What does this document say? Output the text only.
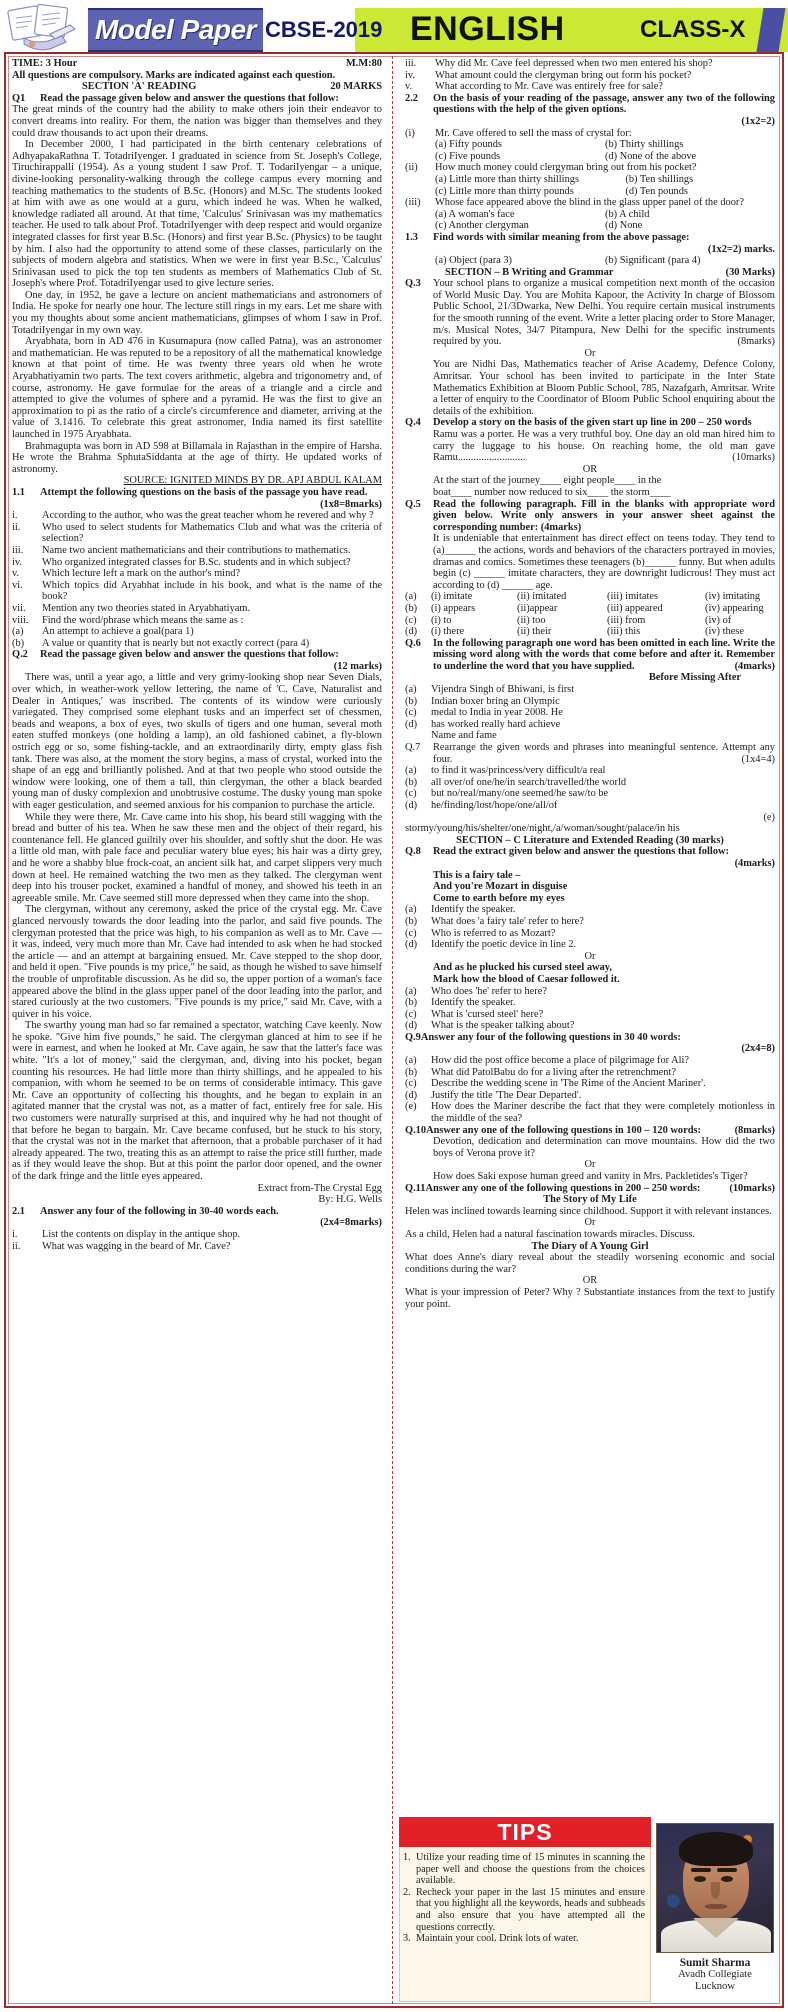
Model Paper CBSE-2019 ENGLISH	CLASS-X
TIME: 3 Hour	M.M:80
All questions are compulsory. Marks are indicated against each question.
SECTION 'A' READING	20 MARKS
Q1	Read the passage given below and answer the questions that follow:

The great minds of the country had the ability to make others join their endeavor to convert dreams into reality. For them, the nation was bigger than themselves and they could draw thousands to act upon their dreams.

In December 2000, I had participated in the birth centenary celebrations of AdhyapakaRathna T. TotadriIyenger. I graduated in science from St. Joseph's College, Tiruchirappalli (1954). As a young student I saw Prof. T. TodariIyengar – a unique, divine-looking personality-walking through the college campus every morning and teaching mathematics to the students of B.Sc. (Honors) and M.Sc. The students looked at him with awe as one would at a guru, which indeed he was. When he walked, knowledge radiated all around. At that time, 'Calculus' Srinivasan was my mathematics teacher. He used to talk about Prof. TotadriIyenger with deep respect and would organize integrated classes for first year B.Sc. (Honors) and first year B.Sc. (Physics) to be taught by him. I also had the opportunity to attend some of these classes, particularly on the subjects of modern algebra and statistics. When we were in first year B.Sc., 'Calculus' Srinivasan used to pick the top ten students as members of Mathematics Club of St. Joseph's where Prof. TotadriIyengar used to give lecture series.

One day, in 1952, he gave a lecture on ancient mathematicians and astronomers of India. He spoke for nearly one hour. The lecture still rings in my ears. Let me share with you my thoughts about some ancient mathematicians, glimpses of whom I saw in Prof. TotadriIyengar in my own way.

Aryabhata, born in AD 476 in Kusumapura (now called Patna), was an astronomer and mathematician. He was reputed to be a repository of all the mathematical knowledge known at that point of time. He was twenty three years old when he wrote Aryabhatiyamin two parts. The text covers arithmetic, algebra and trigonometry and, of course, astronomy. He gave formulae for the areas of a triangle and a circle and attempted to give the volumes of sphere and a pyramid. He was the first to give an approximation to pi as the ratio of a circle's circumference and diameter, arriving at the value of 3.1416. To celebrate this great astronomer, India named its first satellite launched in 1975 Aryabhata.

Brahmagupta was born in AD 598 at Billamala in Rajasthan in the empire of Harsha. He wrote the Brahma SphutaSiddanta at the age of thirty. He updated works of astronomy.

SOURCE: IGNITED MINDS BY DR. APJ ABDUL KALAM

1.1	Attempt the following questions on the basis of the passage you have read.
(1x8=8marks)
i.	According to the author, who was the great teacher whom he revered and why ?
ii.	Who used to select students for Mathematics Club and what was the criteria of selection?
iii.	Name two ancient mathematicians and their contributions to mathematics.
iv.	Who organized integrated classes for B.Sc. students and in which subject?
v.	Which lecture left a mark on the author's mind?
vi.	Which topics did Aryabhat include in his book, and what is the name of the book?
vii.	Mention any two theories stated in Aryabhatiyam.
viii.	Find the word/phrase which means the same as :
(a)	An attempt to achieve a goal(para 1)
(b)	A value or quantity that is nearly but not exactly correct (para 4)
Q.2	Read the passage given below and answer the questions that follow:
(12 marks)

There was, until a year ago, a little and very grimy-looking shop near Seven Dials, over which, in weather-work yellow lettering, the name of 'C. Cave, Naturalist and Dealer in Antiques,' was inscribed. The contents of its window were curiously variegated. They comprised some elephant tusks and an imperfect set of chessmen, beads and weapons, a box of eyes, two skulls of tigers and one human, several moth eaten stuffed monkeys (one holding a lamp), an old fashioned cabinet, a fly-blown ostrich egg or so, some fishing-tackle, and an extraordinarily dirty, empty glass fish tank. There was also, at the moment the story begins, a mass of crystal, worked into the shape of an egg and brilliantly polished. And at that two people who stood outside the window were looking, one of them a tall, thin clergyman, the other a black bearded young man of dusky complexion and unobtrusive costume. The dusky young man spoke with eager gesticulation, and seemed anxious for his companion to purchase the article.

While they were there, Mr. Cave came into his shop, his beard still wagging with the bread and butter of his tea. When he saw these men and the object of their regard, his countenance fell. He glanced guiltily over his shoulder, and softly shut the door. He was a little old man, with pale face and peculiar watery blue eyes; his hair was a dirty grey, and he wore a shabby blue frock-coat, an ancient silk hat, and carpet slippers very much down at heel. He remained watching the two men as they talked. The clergyman went deep into his trouser pocket, examined a handful of money, and showed his teeth in an agreeable smile. Mr. Cave seemed still more depressed when they came into the shop.

The clergyman, without any ceremony, asked the price of the crystal egg. Mr. Cave glanced nervously towards the door leading into the parlor, and said five pounds. The clergyman protested that the price was high, to his companion as well as to Mr. Cave — it was, indeed, very much more than Mr. Cave had intended to ask when he had stocked the article — and an attempt at bargaining ensued. Mr. Cave stepped to the shop door, and held it open. "Five pounds is my price," he said, as though he wished to save himself the trouble of unprofitable discussion. As he did so, the upper portion of a woman's face appeared above the blind in the glass upper panel of the door leading into the parlor, and stared curiously at the two customers. "Five pounds is my price," said Mr. Cave, with a quiver in his voice.

The swarthy young man had so far remained a spectator, watching Cave keenly. Now he spoke. "Give him five pounds," he said. The clergyman glanced at him to see if he were in earnest, and when he looked at Mr. Cave again, he saw that the latter's face was white. "It's a lot of money," said the clergyman, and, diving into his pocket, began counting his resources. He had little more than thirty shillings, and he appealed to his companion, with whom he seemed to be on terms of considerable intimacy. This gave Mr. Cave an opportunity of collecting his thoughts, and he began to explain in an agitated manner that the crystal was not, as a matter of fact, entirely free for sale. His two customers were naturally surprised at this, and inquired why he had not thought of that before he began to bargain. Mr. Cave became confused, but he stuck to his story, that the crystal was not in the market that afternoon, that a probable purchaser of it had already appeared. The two, treating this as an attempt to raise the price still further, made as if they would leave the shop. But at this point the parlor door opened, and the owner of the dark fringe and the little eyes appeared.

Extract from-The Crystal Egg

By: H.G. Wells

2.1	Answer any four of the following in 30-40 words each.

(2x4=8marks)

i.	List the contents on display in the antique shop.
ii.	What was wagging in the beard of Mr. Cave?
iii.	Why did Mr. Cave feel depressed when two men entered his shop?
iv.	What amount could the clergyman bring out form his pocket?
v.	What according to Mr. Cave was entirely free for sale?
2.2	On the basis of your reading of the passage, answer any two of the following questions with the help of the given options.

(1x2=2)

(i)	Mr. Cave offered to sell the mass of crystal for:
(a) Fifty pounds	(b) Thirty shillings
(c) Five pounds	(d) None of the above
(ii)	How much money could clergyman bring out from his pocket?
(a) Little more than thirty shillings	(b) Ten shillings
(c) Little more than thirty pounds	(d) Ten pounds
(iii)	Whose face appeared above the blind in the glass upper panel of the door?
(a) A woman's face	(b) A child
(c) Another clergyman	(d) None
1.3	Find words with similar meaning from the above passage:

(1x2=2) marks.

(a) Object (para 3)	(b) Significant (para 4)
SECTION – B Writing and Grammar	(30 Marks)
Q.3	Your school plans to organize a musical competition next month of the occasion of World Music Day. You are Mohita Kapoor, the Activity In charge of Blossom Public School, 21/3Dwarka, New Delhi. You require certain musical instruments for the smooth running of the event. Write a letter placing order to Store Manager, m/s. Musical Notes, 34/7 Pitampura, New Delhi for the specific instruments required by you.	(8marks)

Or

You are Nidhi Das, Mathematics teacher of Arise Academy, Defence Colony, Amritsar. Your school has been invited to participate in the Inter State Mathematics Exhibition at Bloom Public School, 785, Nazafgarh, Amritsar. Write a letter of enquiry to the Coordinator of Bloom Public School enquiring about the details of the exhibition.
Q.4	Develop a story on the basis of the given start up line in 200 – 250 words
Ramu was a porter. He was a very truthful boy. One day an old man hired him to carry the luggage to his house. On reaching home, the old man gave Ramu..........................	(10marks)

OR

At the start of the journey____ eight people____ in the
boat____ number now reduced to six____ the storm____
Q.5	Read the following paragraph. Fill in the blanks with appropriate word given below. Write only answers in your answer sheet against the corresponding number: (4marks)
It is undeniable that entertainment has direct effect on teens today. They tend to (a)______ the actions, words and behaviors of the characters portrayed in movies, dramas and comics. Sometimes these teenagers (b)______ funny. But when adults begin (c) ______ imitate characters, they are downright ludicrous! They must act according to (d) ______ age.
(a)	(i) imitate	(ii) imitated	(iii) imitates	(iv) imitating
(b)	(i) appears	(ii)appear	(iii) appeared	(iv) appearing
(c)	(i) to	(ii) too	(iii) from	(iv) of
(d)	(i) there	(ii) their	(iii) this	(iv) these
Q.6	In the following paragraph one word has been omitted in each line. Write the missing word along with the words that come before and after it. Remember to underline the word that you have supplied.	(4marks)

Before Missing After

(a)	Vijendra Singh of Bhiwani, is first
(b)	Indian boxer bring an Olympic
(c)	medal to India in year 2008. He
(d)	has worked really hard achieve
Name and fame
Q.7	Rearrange the given words and phrases into meaningful sentence. Attempt any four.	(1x4=4)
(a)	to find it was/princess/very difficult/a real
(b)	all over/of one/he/in search/travelled/the world
(c)	but no/real/many/one seemed/he saw/to be
(d)	he/finding/lost/hope/one/all/of

(e)

stormy/young/his/shelter/one/night,/a/woman/sought/palace/in his

SECTION – C Literature and Extended Reading (30 marks)

Q.8	Read the extract given below and answer the questions that follow:

(4marks)

This is a fairy tale –
And you're Mozart in disguise
Come to earth before my eyes
(a)	Identify the speaker.
(b)	What does 'a fairy tale' refer to here?
(c)	Who is referred to as Mozart?
(d)	Identify the poetic device in line 2.

Or

And as he plucked his cursed steel away,
Mark how the blood of Caesar followed it.
(a)	Who does 'he' refer to here?
(b)	Identify the speaker.
(c)	What is 'cursed steel' here?
(d)	What is the speaker talking about?
Q.9Answer any four of the following questions in 30 40 words:

(2x4=8)

(a)	How did the post office become a place of pilgrimage for Ali?
(b)	What did PatolBabu do for a living after the retrenchment?
(c)	Describe the wedding scene in 'The Rime of the Ancient Mariner'.
(d)	Justify the title 'The Dear Departed'.
(e)	How does the Mariner describe the fact that they were completely motionless in the middle of the sea?
Q.10Answer any one of the following questions in 100 – 120 words:	(8marks)
Devotion, dedication and determination can move mountains. How did the two boys of Verona prove it?

Or

How does Saki expose human greed and vanity in Mrs. Packletides's Tiger?
Q.11Answer any one of the following questions in 200 – 250 words:	(10marks)

The Story of My Life

Helen was inclined towards learning since childhood. Support it with relevant instances.

Or

As a child, Helen had a natural fascination towards miracles. Discuss.

The Diary of A Young Girl

What does Anne's diary reveal about the steadily worsening economic and social conditions during the war?

OR

What is your impression of Peter? Why ? Substantiate instances from the text to justify your point.
TIPS
1. Utilize your reading time of 15 minutes in scanning the paper well and choose the questions from the choices available.
2. Recheck your paper in the last 15 minutes and ensure that you highlight all the keywords, heads and subheads and also ensure that you have attempted all the questions correctly.
3. Maintain your cool. Drink lots of water.
Sumit Sharma
Avadh Collegiate
Lucknow
